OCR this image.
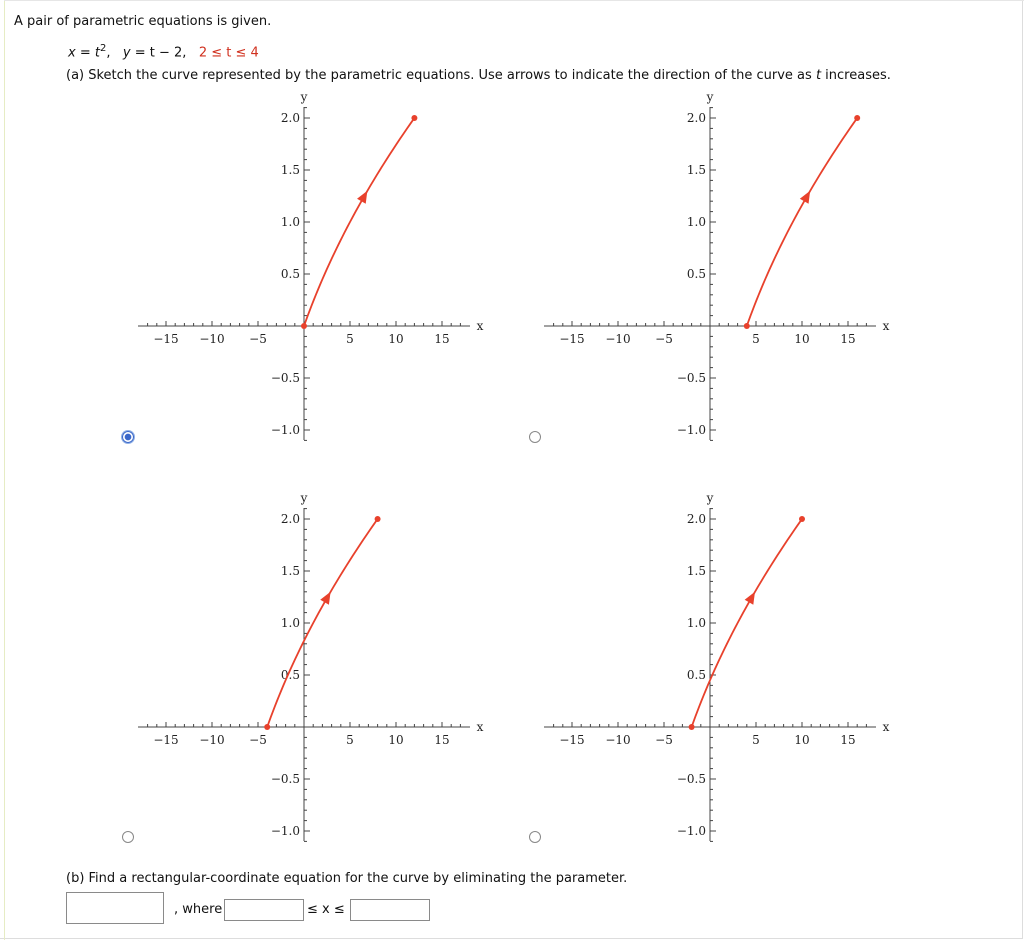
A pair of parametric equations is given.
$x = t^2$,   y = t − 2, 2 ≤ t ≤ 4
(a) Sketch the curve represented by the parametric equations. Use arrows to indicate the direction of the curve as t increases.
−15 −10 −5	5	10	15
2.0
1.5
1.0
0.5
−0.5
−1.0
x
y
−15 −10 −5	5	10	15
2.0
1.5
1.0
0.5
−0.5
−1.0
x
y
−15 −10 −5	5	10	15
2.0
1.5
1.0
0.5
−0.5
−1.0
x
y
−15 −10 −5	5	10	15
2.0
1.5
1.0
0.5
−0.5
−1.0
x
y
(b) Find a rectangular-coordinate equation for the curve by eliminating the parameter.
, where	≤ x ≤
